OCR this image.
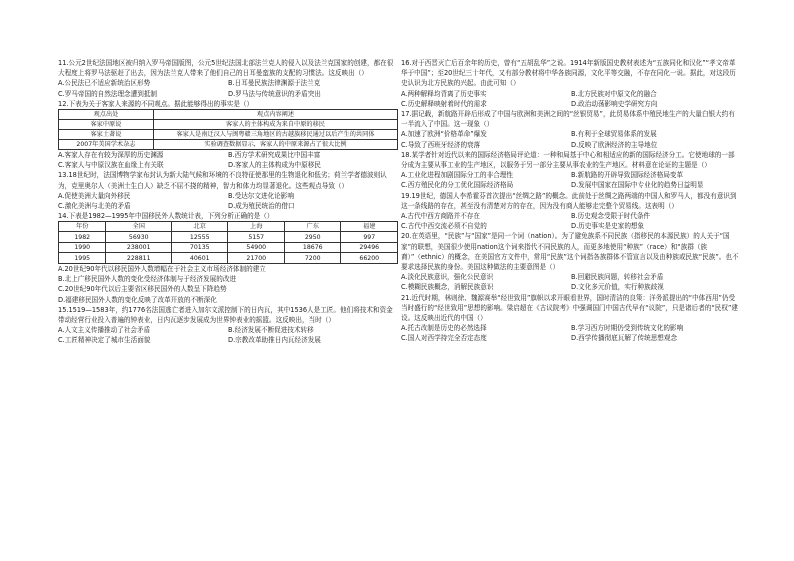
11.公元2世纪法国地区被归纳入罗马帝国版图，公元5世纪法国北部法兰克人的侵入以及法兰克国家的创建，都在很大程度上将罗马法驱赶了出去，因为法兰克人带来了他们自己的日耳曼蛮族的支配的习惯法。这反映出（）

A.公民法已不适应新统治区形势	B.日耳曼民族法律渊源于法兰克
C.罗马帝国的自然法理念遭到抵制	D.罗马法与传统意识的矛盾突出

12.下表为关于客家人来源的不同观点。据此能够得出的事实是（）

观点出处	观点内容阐述
客家中原说	客家人的主体构成为来自中原的移民
客家土著说	客家人是南迁汉人与闽粤赣三角地区的古越族移民通过以后产生的共同体
2007年美国学术杂志	实验调查数据显示，客家人的中原来源占了很大比例
A.客家人存在有较为深厚的历史渊源	B.西方学术研究成果比中国丰富
C.客家人与中原汉族在血缘上有关联	D.客家人的主体构成为中原移民

13.18世纪时，法国博物学家布封认为新大陆气候和环境的不良特征使那里的生物退化和低劣；荷兰学者德波则认为，克里奥尔人（美洲土生白人）缺乏不屈不挠的精神，智力和体力均显著退化。这些观点导致（）

A.促使美洲大量向外移民	B.受达尔文进化论影响
C.激化美洲与北美的矛盾	D.成为殖民统治的借口

14.下表是1982—1995年中国移民外人数统计表，下列分析正确的是（）

年份	全国	北京	上海	广东	福建
1982	56930	12555	5157	2950	997
1990	238001	70135	54900	18676	29496
1995	228811	40601	21700	7200	66200

A.20世纪90年代以移民国外人数增幅在于社会主义市场经济体制的建立

B.北上广移民国外人数的变化受经济体制与于经济发展的改进

C.20世纪90年代以后主要省区移民国外的人数呈下降趋势

D.福建移民国外人数的变化反映了改革开放的不断深化

15.1519—1583年，约1776名法国逃亡者进入加尔文派控制下的日内瓦，其中1536人是工匠。他们将技术和资金带动经营行业投入普遍的钟表业，日内瓦逐步发展成为世界钟表业的摇篮。这反映出，当时（）

A.人文主义传播推动了社会矛盾	B.经济发展不断促进技术转移
C.工匠精神决定了城市生活面貌	D.宗教改革助推日内瓦经济发展

16.对于西晋灭亡后百余年的历史，曾有“五胡乱华”之说。1914年新版国史教材表述为“五族同化和汉化”“孝文帝革华于中国”；至20世纪三十年代，又有部分教材将中华各族同源，文化平等交融，不存在同化一说。据此，对这段历史认识为北方民族的兴起。由此可知（）

A.两种解释均背离了历史事实	B.北方民族对中原文化的融合
C.历史解释映射着时代的需求	D.政治动荡影响史学研究方向

17.据记载，新航路开辟后形成了中国与欧洲和美洲之间的“丝银贸易”，此贸易体系中殖民地生产的大量白银大约有一半流入了中国。这一现象（）

A.加速了欧洲“价格革命”爆发	B.有利于全球贸易体系的发展
C.导致了西班牙经济的衰落	D.反映了欧洲经济的主导地位

18.某学者针对近代以来的国际经济格局评论道：一种和局基于中心和相适应的新的国际经济分工。它使地球的一部分成为主要从事工业的生产地区，以服务于另一部分主要从事农业的生产地区。材料意在论证的主题是（）

A.工业化进程加剧国际分工的非合理性	B.新航路的开辟导致国际经济格局变革
C.西方殖民化的分工优化国际经济格局	D.发展中国家在国际中专业化的趋势日益明显

19.19世纪，德国人李希霍芬首次提出“丝绸之路”的概念。此前处于丝绸之路两端的中国人和罗马人，都没有意识到这一条线路的存在，甚至没有清楚对方的存在，因为没有商人能够走完整个贸易线。这表明（）

A.古代中西方商路并不存在	B.历史观念受限于时代条件
C.古代中西交流必须不自觉的	D.历史事实是史家的想象

20.在英语里，“民族”与“国家”是同一个词（nation）。为了避免族系不同民族（指移民的本源民族）的人关于“国家”的联想，美国很少使用nation这个词来指代不同民族的人，而更多地使用“种族”（race）和“族群（族裔）”（ethnic）的概念，在美国官方文件中，常用“民族”这个词指各族群体不管宣言以及由种族或民族“民族”。也不要求选择民族的身份。美国这种做法的主要意图是（）

A.淡化民族意识，强化公民意识	B.回避民族问题，转移社会矛盾
C.模糊民族概念，消解民族意识	D.文化多元价值，实行种族歧视

21.近代时期，林则徐、魏源赛举“经世致用”旗帜以求开眼看世界，国时清洁的良策：洋务派提出的“中体西用”仍受当时盛行的“经世致用”思想的影响。梁启超在《古议院考》中强调国门中国古代早有“议院”，只是诸后者的“民权”建设。这反映出近代的中国（）

A.托古改制是历史的必然选择	B.学习西方时期仍受到传统文化的影响
C.国人对西学持完全否定态度	D.西学传播彻底瓦解了传统思想观念
